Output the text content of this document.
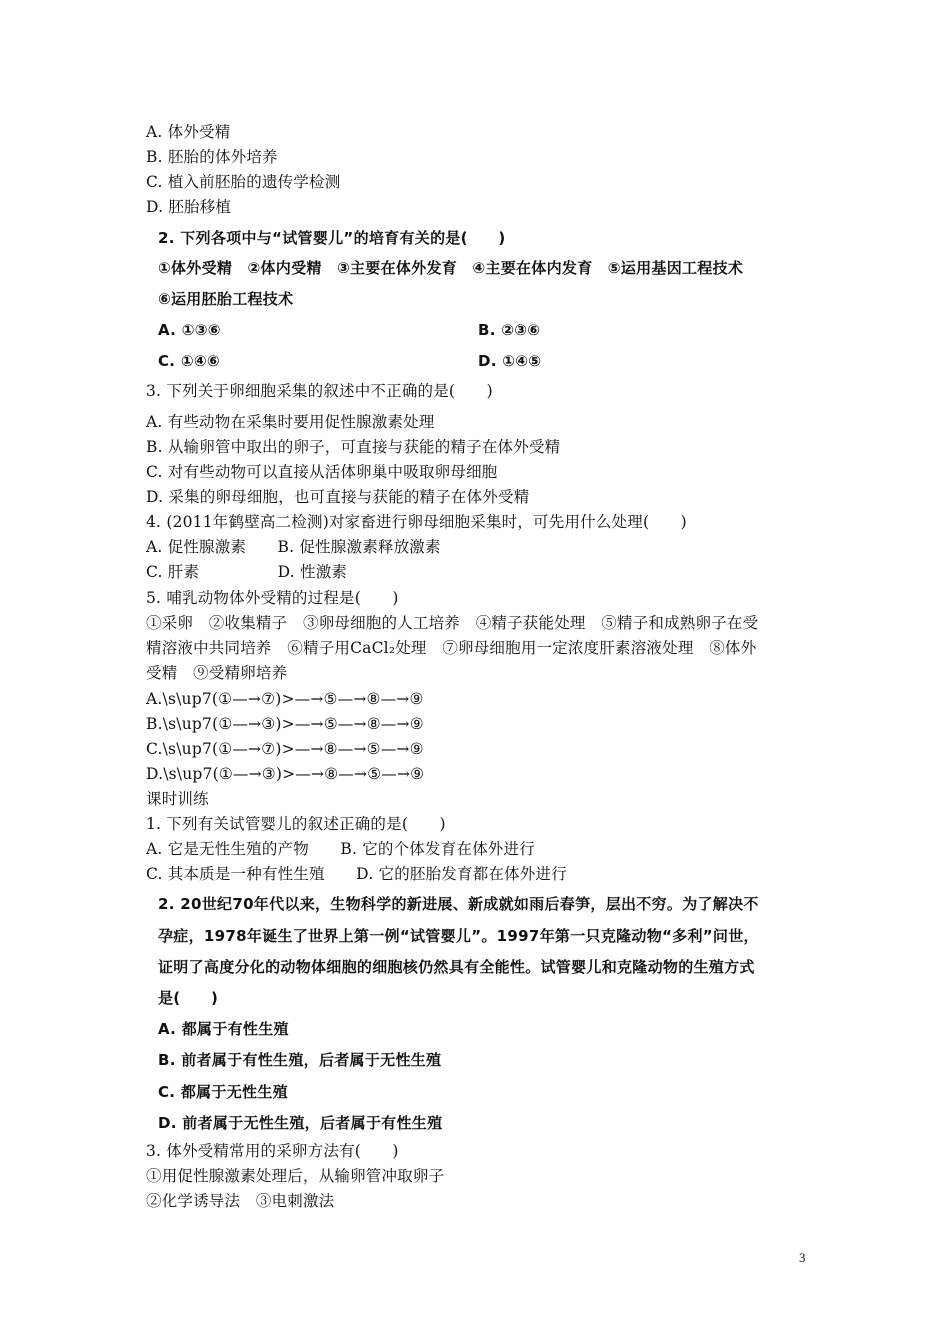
A. 体外受精
B. 胚胎的体外培养
C. 植入前胚胎的遗传学检测
D. 胚胎移植
2. 下列各项中与“试管婴儿”的培育有关的是(　　)
①体外受精　②体内受精　③主要在体外发育　④主要在体内发育　⑤运用基因工程技术
⑥运用胚胎工程技术
A. ①③⑥	B. ②③⑥
C. ①④⑥	D. ①④⑤
3. 下列关于卵细胞采集的叙述中不正确的是(　　)
A. 有些动物在采集时要用促性腺激素处理
B. 从输卵管中取出的卵子，可直接与获能的精子在体外受精
C. 对有些动物可以直接从活体卵巢中吸取卵母细胞
D. 采集的卵母细胞，也可直接与获能的精子在体外受精
4. (2011年鹤壁高二检测)对家畜进行卵母细胞采集时，可先用什么处理(　　)
A. 促性腺激素　　B. 促性腺激素释放激素
C. 肝素　　　　　D. 性激素
5. 哺乳动物体外受精的过程是(　　)
①采卵　②收集精子　③卵母细胞的人工培养　④精子获能处理　⑤精子和成熟卵子在受
精溶液中共同培养　⑥精子用CaCl₂处理　⑦卵母细胞用一定浓度肝素溶液处理　⑧体外
受精　⑨受精卵培养
A.\s\up7(①—→⑦)>—→⑤—→⑧—→⑨
B.\s\up7(①—→③)>—→⑤—→⑧—→⑨
C.\s\up7(①—→⑦)>—→⑧—→⑤—→⑨
D.\s\up7(①—→③)>—→⑧—→⑤—→⑨
课时训练
1. 下列有关试管婴儿的叙述正确的是(　　)
A. 它是无性生殖的产物　　B. 它的个体发育在体外进行
C. 其本质是一种有性生殖　　D. 它的胚胎发育都在体外进行
2. 20世纪70年代以来，生物科学的新进展、新成就如雨后春笋，层出不穷。为了解决不
孕症，1978年诞生了世界上第一例“试管婴儿”。1997年第一只克隆动物“多利”问世，
证明了高度分化的动物体细胞的细胞核仍然具有全能性。试管婴儿和克隆动物的生殖方式
是(　　)
A. 都属于有性生殖
B. 前者属于有性生殖，后者属于无性生殖
C. 都属于无性生殖
D. 前者属于无性生殖，后者属于有性生殖
3. 体外受精常用的采卵方法有(　　)
①用促性腺激素处理后，从输卵管冲取卵子
②化学诱导法　③电刺激法
3
